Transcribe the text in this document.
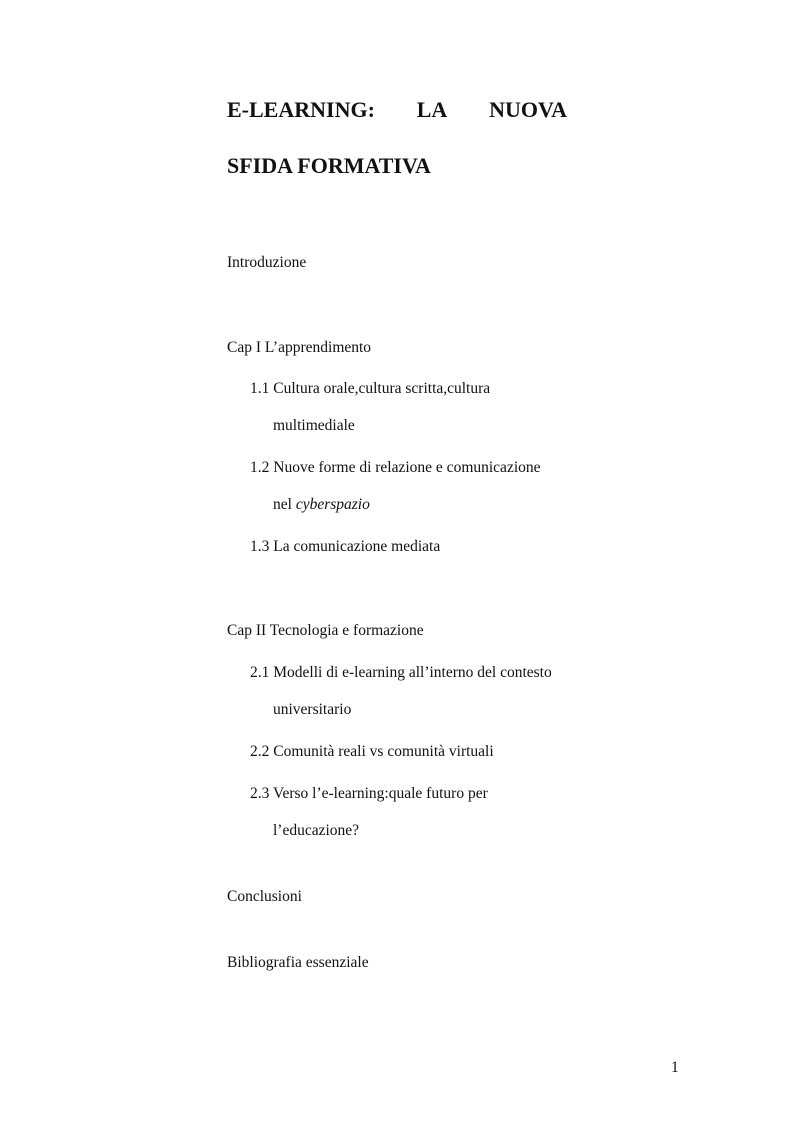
E-LEARNING: LA NUOVA
SFIDA FORMATIVA
Introduzione
Cap I L’apprendimento
1.1 Cultura orale,cultura scritta,cultura
multimediale
1.2 Nuove forme di relazione e comunicazione
nel cyberspazio
1.3 La comunicazione mediata
Cap II Tecnologia e formazione
2.1 Modelli di e-learning all’interno del contesto
universitario
2.2 Comunità reali vs comunità virtuali
2.3 Verso l’e-learning:quale futuro per
l’educazione?
Conclusioni
Bibliografia essenziale
1
